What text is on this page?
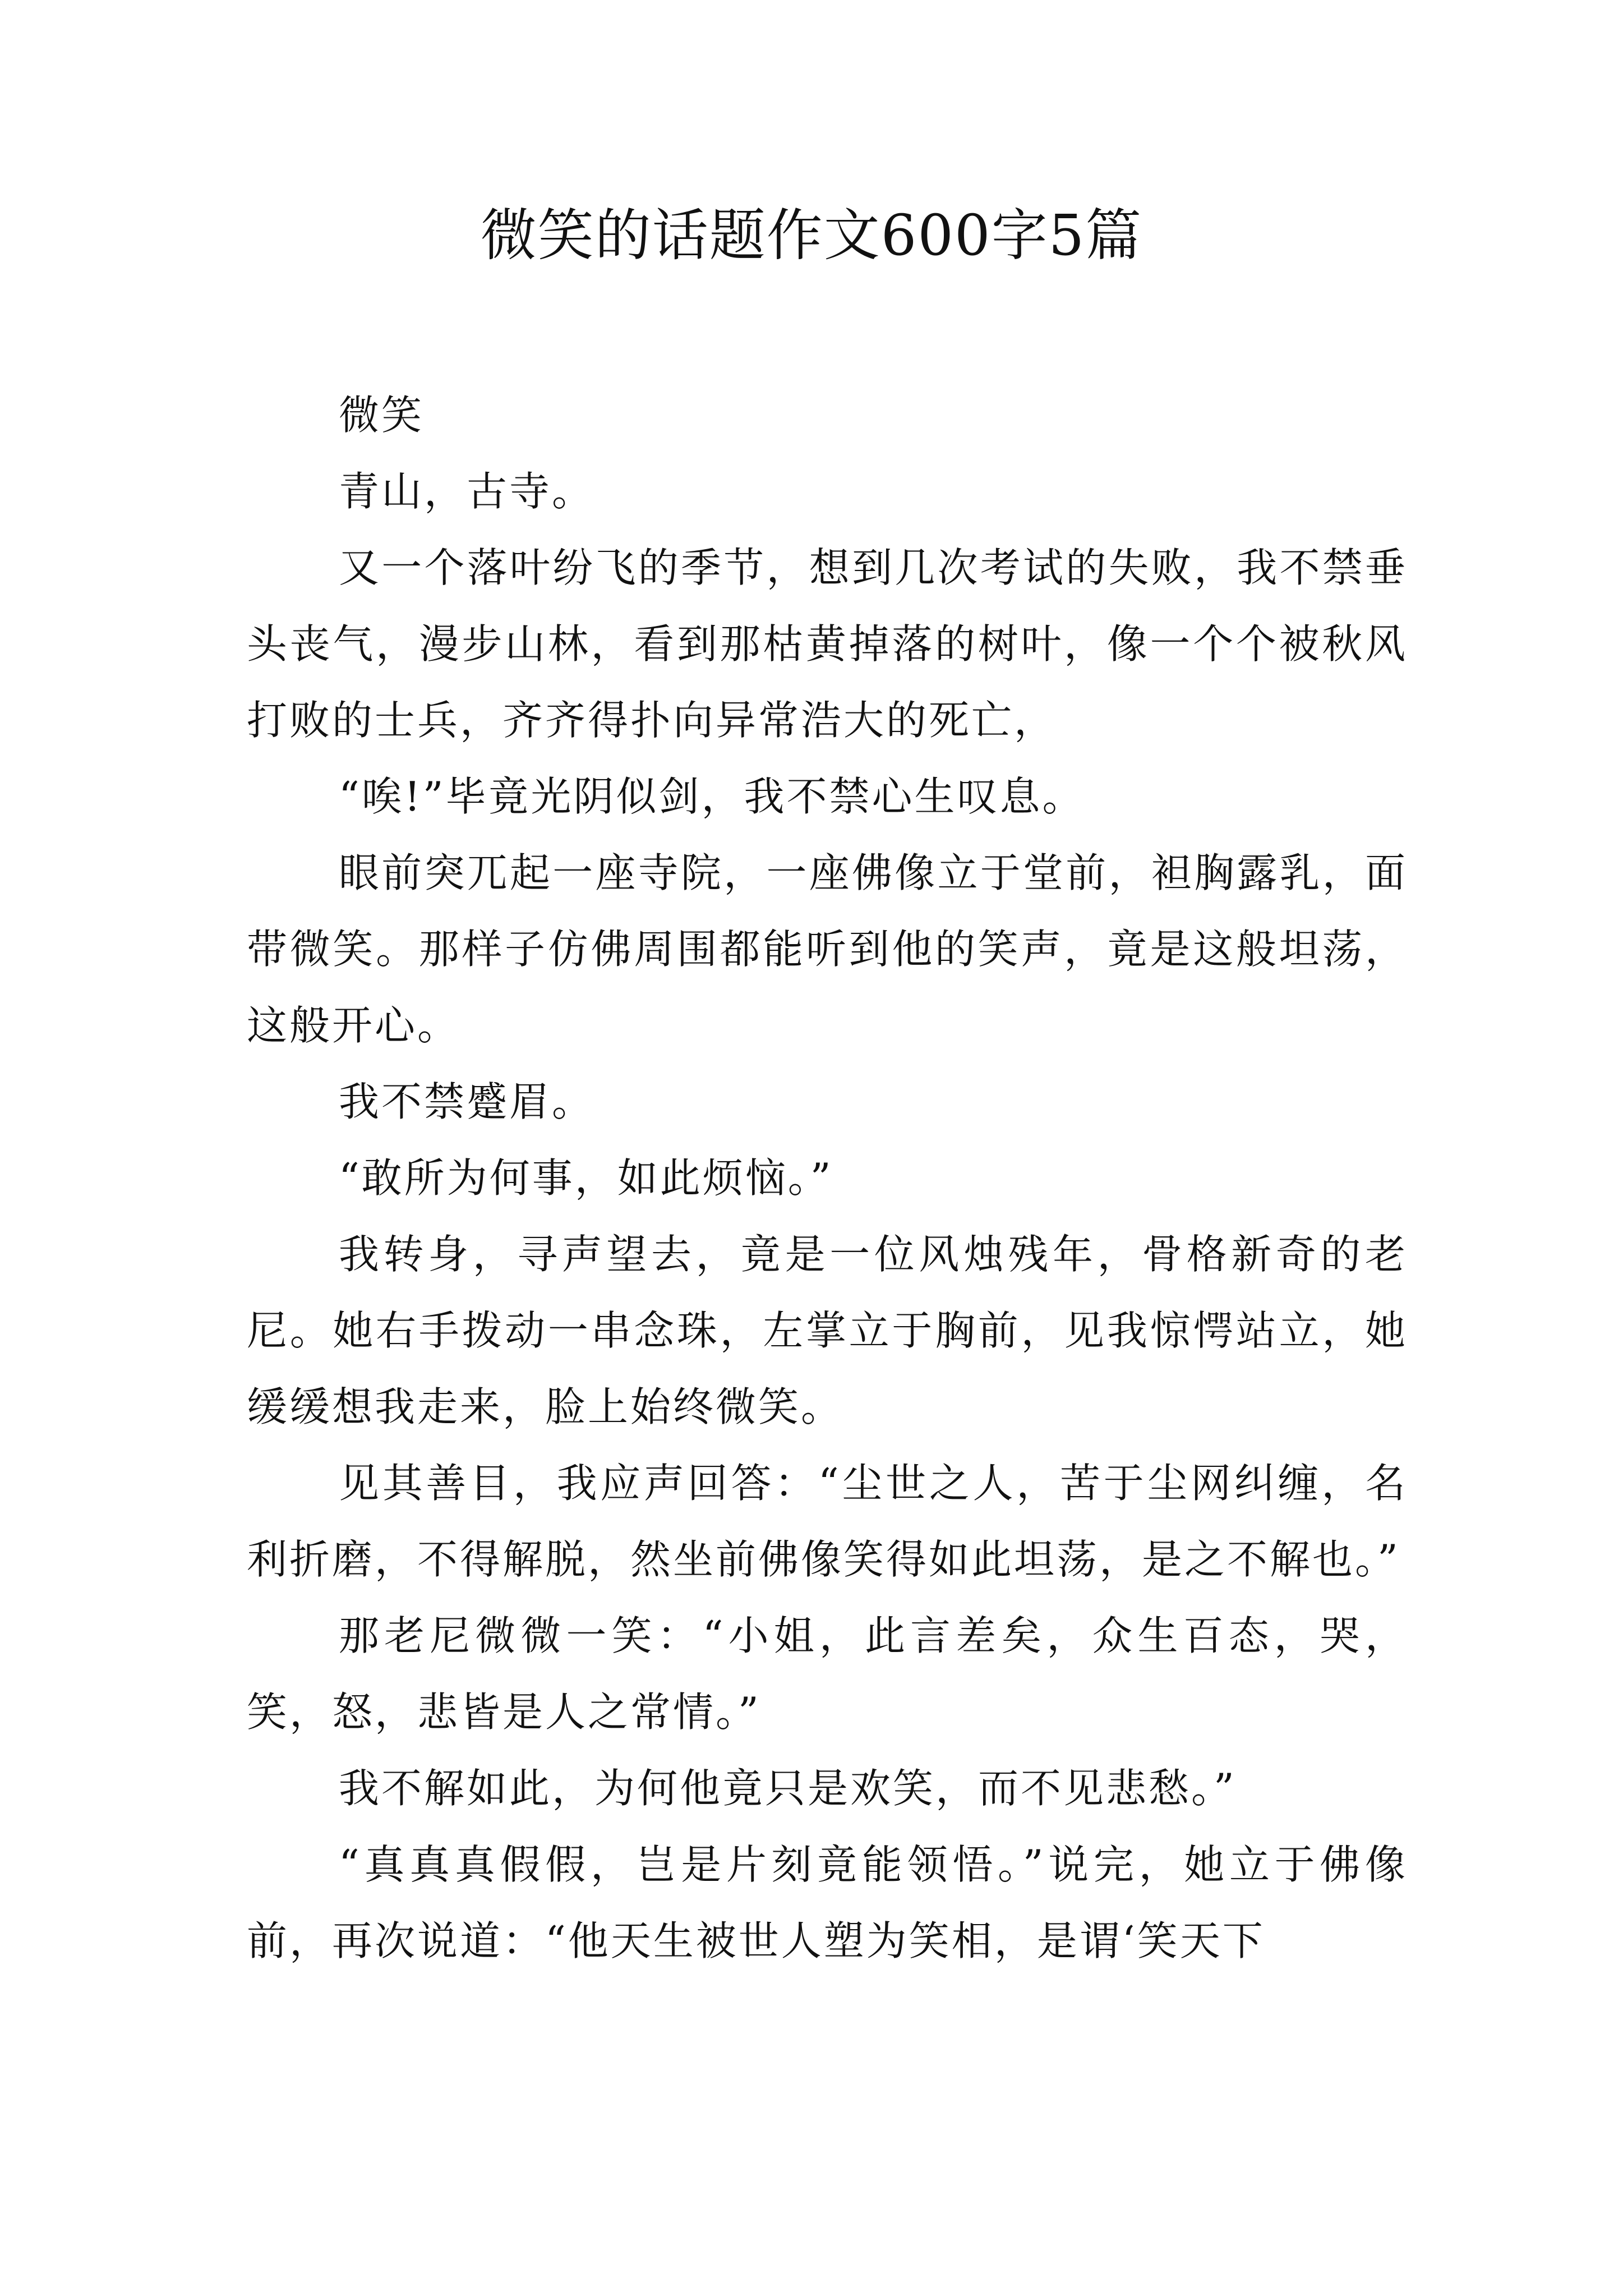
微笑的话题作文600字5篇

微笑

青山，古寺。

又一个落叶纷飞的季节，想到几次考试的失败，我不禁垂头丧气，漫步山林，看到那枯黄掉落的树叶，像一个个被秋风打败的士兵，齐齐得扑向异常浩大的死亡，

“唉!”毕竟光阴似剑，我不禁心生叹息。

眼前突兀起一座寺院，一座佛像立于堂前，袒胸露乳，面带微笑。那样子仿佛周围都能听到他的笑声，竟是这般坦荡，这般开心。

我不禁蹙眉。

“敢所为何事，如此烦恼。”

我转身，寻声望去，竟是一位风烛残年，骨格新奇的老尼。她右手拨动一串念珠，左掌立于胸前，见我惊愕站立，她缓缓想我走来，脸上始终微笑。

见其善目，我应声回答：“尘世之人，苦于尘网纠缠，名利折磨，不得解脱，然坐前佛像笑得如此坦荡，是之不解也。”

那老尼微微一笑：“小姐，此言差矣，众生百态，哭，笑，怒，悲皆是人之常情。”

我不解如此，为何他竟只是欢笑，而不见悲愁。”

“真真真假假，岂是片刻竟能领悟。”说完，她立于佛像前，再次说道：“他天生被世人塑为笑相，是谓‘笑天下
